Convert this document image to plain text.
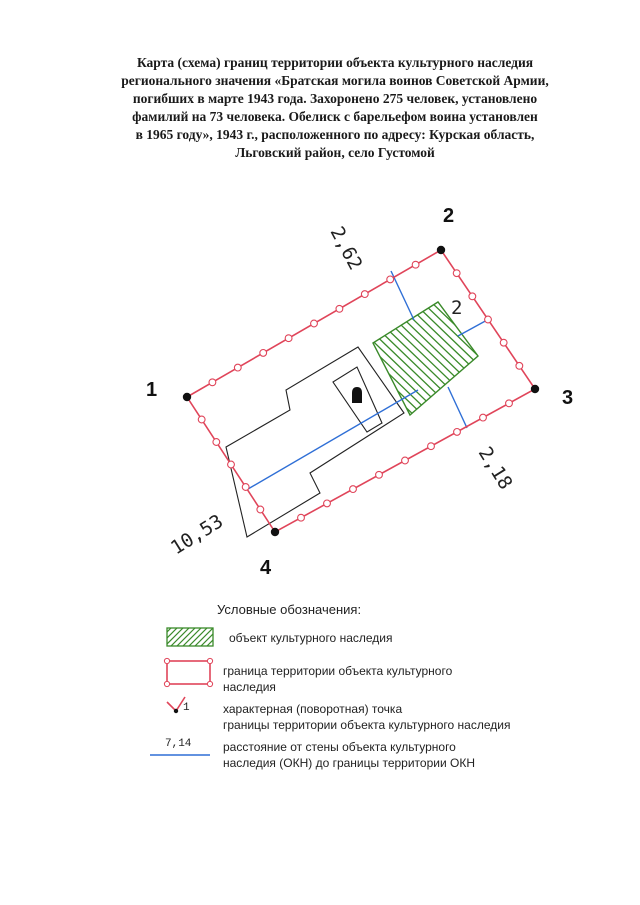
Карта (схема) границ территории объекта культурного наследия
регионального значения «Братская могила воинов Советской Армии,
погибших в марте 1943 года. Захоронено 275 человек, установлено
фамилий на 73 человека. Обелиск с барельефом воина установлен
в 1965 году», 1943 г., расположенного по адресу: Курская область,
Льговский район, село Густомой
1
2
3
4
2,62
2
2,18
10,53
Условные обозначения:
объект культурного наследия
граница территории объекта культурного
наследия
1	характерная (поворотная) точка
границы территории объекта культурного наследия
7,14	расстояние от стены объекта культурного
наследия (ОКН) до границы территории ОКН
